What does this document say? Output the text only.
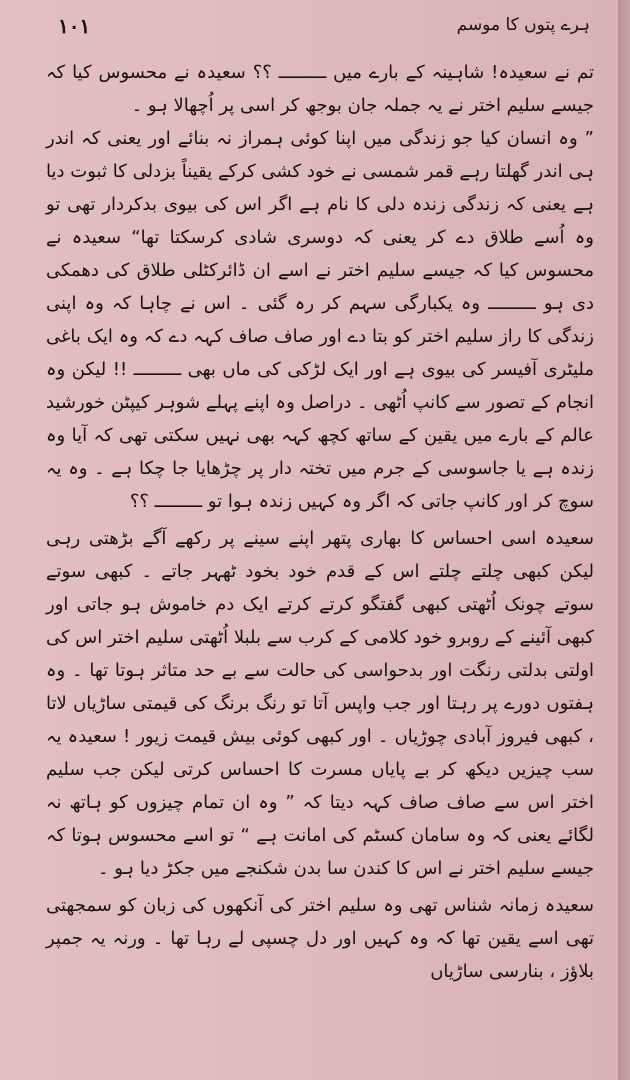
۱۰۱	ہرے پتوں کا موسم

تم نے سعیدہ! شاہینہ کے بارے میں ـــــــــ ؟؟ سعیدہ نے محسوس کیا کہ جیسے سلیم اختر نے یہ جملہ جان بوجھ کر اسی پر اُچھالا ہو ۔

” وہ انسان کیا جو زندگی میں اپنا کوئی ہمراز نہ بنائے اور یعنی کہ اندر ہی اندر گھلتا رہے قمر شمسی نے خود کشی کرکے یقیناً بزدلی کا ثبوت دیا ہے یعنی کہ زندگی زندہ دلی کا نام ہے اگر اس کی بیوی بدکردار تھی تو وہ اُسے طلاق دے کر یعنی کہ دوسری شادی کرسکتا تھا“ سعیدہ نے محسوس کیا کہ جیسے سلیم اختر نے اسے ان ڈائرکٹلی طلاق کی دھمکی دی ہو ـــــــــ وہ یکبارگی سہم کر رہ گئی ۔ اس نے چاہا کہ وہ اپنی زندگی کا راز سلیم اختر کو بتا دے اور صاف صاف کہہ دے کہ وہ ایک باغی ملیٹری آفیسر کی بیوی ہے اور ایک لڑکی کی ماں بھی ـــــــــ !! لیکن وہ انجام کے تصور سے کانپ اُٹھی ۔ دراصل وہ اپنے پہلے شوہر کیپٹن خورشید عالم کے بارے میں یقین کے ساتھ کچھ کہہ بھی نہیں سکتی تھی کہ آیا وہ زندہ ہے یا جاسوسی کے جرم میں تختہ دار پر چڑھایا جا چکا ہے ۔ وہ یہ سوچ کر اور کانپ جاتی کہ اگر وہ کہیں زندہ ہوا تو ـــــــــ ؟؟

سعیدہ اسی احساس کا بھاری پتھر اپنے سینے پر رکھے آگے بڑھتی رہی لیکن کبھی چلتے چلتے اس کے قدم خود بخود ٹھہر جاتے ۔ کبھی سوتے سوتے چونک اُٹھتی کبھی گفتگو کرتے کرتے ایک دم خاموش ہو جاتی اور کبھی آئینے کے روبرو خود کلامی کے کرب سے بلبلا اُٹھتی سلیم اختر اس کی اولتی بدلتی رنگت اور بدحواسی کی حالت سے بے حد متاثر ہوتا تھا ۔ وہ ہفتوں دورے پر رہتا اور جب واپس آتا تو رنگ برنگ کی قیمتی ساڑیاں لاتا ، کبھی فیروز آبادی چوڑیاں ۔ اور کبھی کوئی بیش قیمت زیور ! سعیدہ یہ سب چیزیں دیکھ کر بے پایاں مسرت کا احساس کرتی لیکن جب سلیم اختر اس سے صاف صاف کہہ دیتا کہ ” وہ ان تمام چیزوں کو ہاتھ نہ لگائے یعنی کہ وہ سامان کسٹم کی امانت ہے “ تو اسے محسوس ہوتا کہ جیسے سلیم اختر نے اس کا کندن سا بدن شکنجے میں جکڑ دیا ہو ۔

سعیدہ زمانہ شناس تھی وہ سلیم اختر کی آنکھوں کی زبان کو سمجھتی تھی اسے یقین تھا کہ وہ کہیں اور دل چسپی لے رہا تھا ۔ ورنہ یہ جمپر بلاؤز ، بنارسی ساڑیاں
